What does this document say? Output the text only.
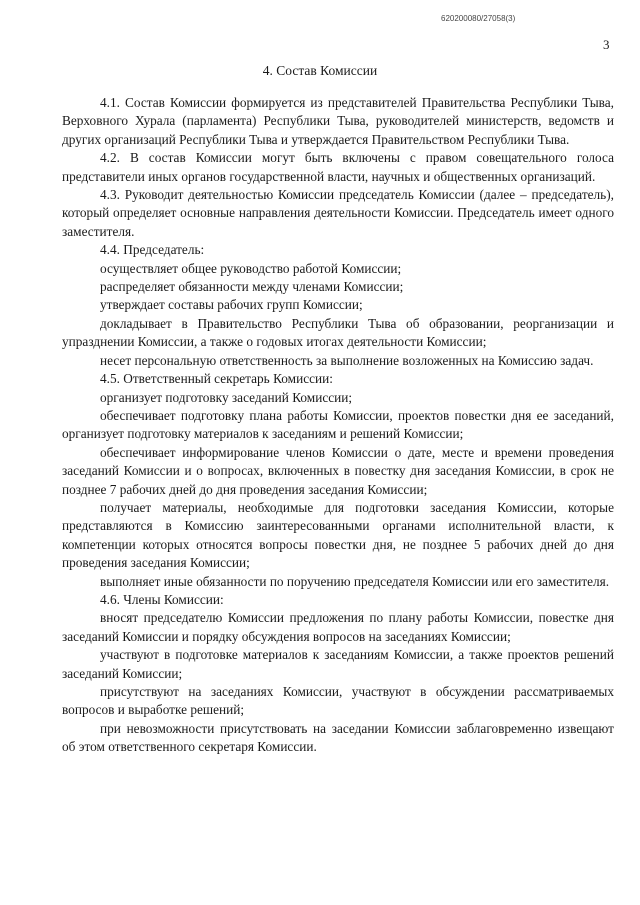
620200080/27058(3)
3
4. Состав Комиссии

4.1. Состав Комиссии формируется из представителей Правительства Республики Тыва, Верховного Хурала (парламента) Республики Тыва, руководителей министерств, ведомств и других организаций Республики Тыва и утверждается Правительством Республики Тыва.

4.2. В состав Комиссии могут быть включены с правом совещательного голоса представители иных органов государственной власти, научных и общественных организаций.

4.3. Руководит деятельностью Комиссии председатель Комиссии (далее – председатель), который определяет основные направления деятельности Комиссии. Председатель имеет одного заместителя.

4.4. Председатель:

осуществляет общее руководство работой Комиссии;

распределяет обязанности между членами Комиссии;

утверждает составы рабочих групп Комиссии;

докладывает в Правительство Республики Тыва об образовании, реорганизации и упразднении Комиссии, а также о годовых итогах деятельности Комиссии;

несет персональную ответственность за выполнение возложенных на Комиссию задач.

4.5. Ответственный секретарь Комиссии:

организует подготовку заседаний Комиссии;

обеспечивает подготовку плана работы Комиссии, проектов повестки дня ее заседаний, организует подготовку материалов к заседаниям и решений Комиссии;

обеспечивает информирование членов Комиссии о дате, месте и времени проведения заседаний Комиссии и о вопросах, включенных в повестку дня заседания Комиссии, в срок не позднее 7 рабочих дней до дня проведения заседания Комиссии;

получает материалы, необходимые для подготовки заседания Комиссии, которые представляются в Комиссию заинтересованными органами исполнительной власти, к компетенции которых относятся вопросы повестки дня, не позднее 5 рабочих дней до дня проведения заседания Комиссии;

выполняет иные обязанности по поручению председателя Комиссии или его заместителя.

4.6. Члены Комиссии:

вносят председателю Комиссии предложения по плану работы Комиссии, повестке дня заседаний Комиссии и порядку обсуждения вопросов на заседаниях Комиссии;

участвуют в подготовке материалов к заседаниям Комиссии, а также проектов решений заседаний Комиссии;

присутствуют на заседаниях Комиссии, участвуют в обсуждении рассматриваемых вопросов и выработке решений;

при невозможности присутствовать на заседании Комиссии заблаговременно извещают об этом ответственного секретаря Комиссии.
